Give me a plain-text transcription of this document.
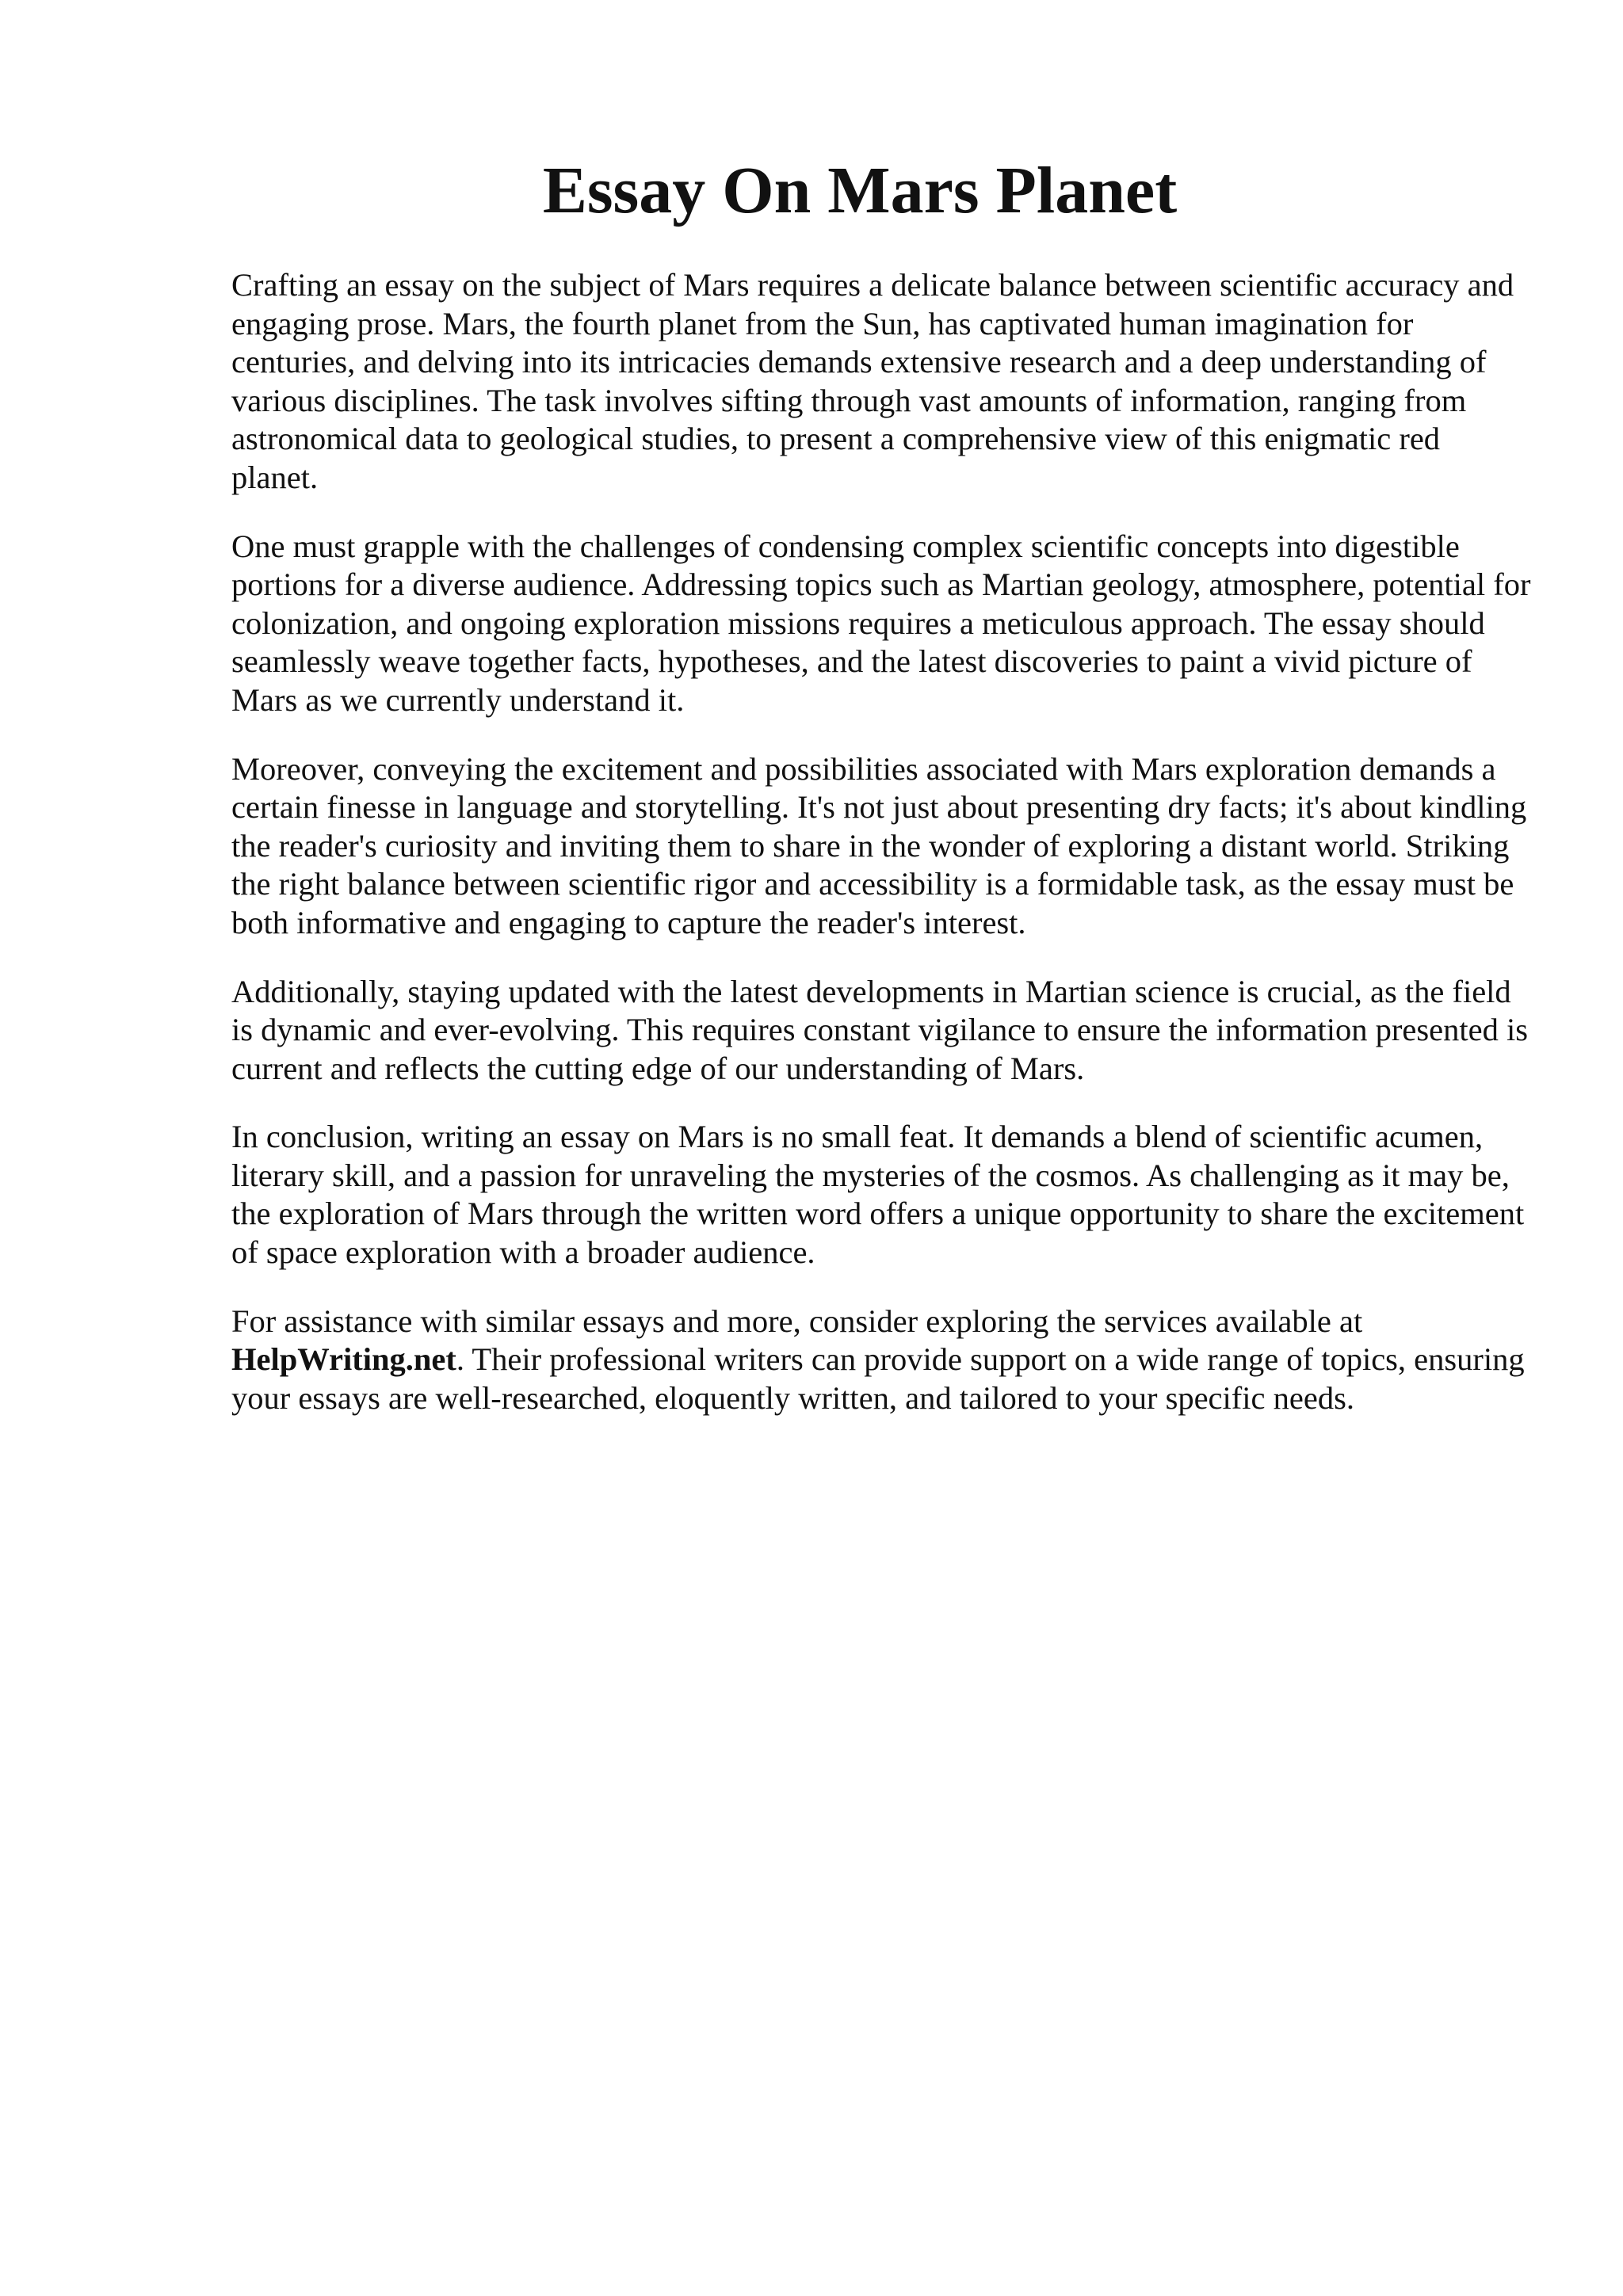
Essay On Mars Planet

Crafting an essay on the subject of Mars requires a delicate balance between scientific accuracy and engaging prose. Mars, the fourth planet from the Sun, has captivated human imagination for centuries, and delving into its intricacies demands extensive research and a deep understanding of various disciplines. The task involves sifting through vast amounts of information, ranging from astronomical data to geological studies, to present a comprehensive view of this enigmatic red planet.

One must grapple with the challenges of condensing complex scientific concepts into digestible portions for a diverse audience. Addressing topics such as Martian geology, atmosphere, potential for colonization, and ongoing exploration missions requires a meticulous approach. The essay should seamlessly weave together facts, hypotheses, and the latest discoveries to paint a vivid picture of Mars as we currently understand it.

Moreover, conveying the excitement and possibilities associated with Mars exploration demands a certain finesse in language and storytelling. It's not just about presenting dry facts; it's about kindling the reader's curiosity and inviting them to share in the wonder of exploring a distant world. Striking the right balance between scientific rigor and accessibility is a formidable task, as the essay must be both informative and engaging to capture the reader's interest.

Additionally, staying updated with the latest developments in Martian science is crucial, as the field is dynamic and ever-evolving. This requires constant vigilance to ensure the information presented is current and reflects the cutting edge of our understanding of Mars.

In conclusion, writing an essay on Mars is no small feat. It demands a blend of scientific acumen, literary skill, and a passion for unraveling the mysteries of the cosmos. As challenging as it may be, the exploration of Mars through the written word offers a unique opportunity to share the excitement of space exploration with a broader audience.

For assistance with similar essays and more, consider exploring the services available at HelpWriting.net. Their professional writers can provide support on a wide range of topics, ensuring your essays are well-researched, eloquently written, and tailored to your specific needs.
